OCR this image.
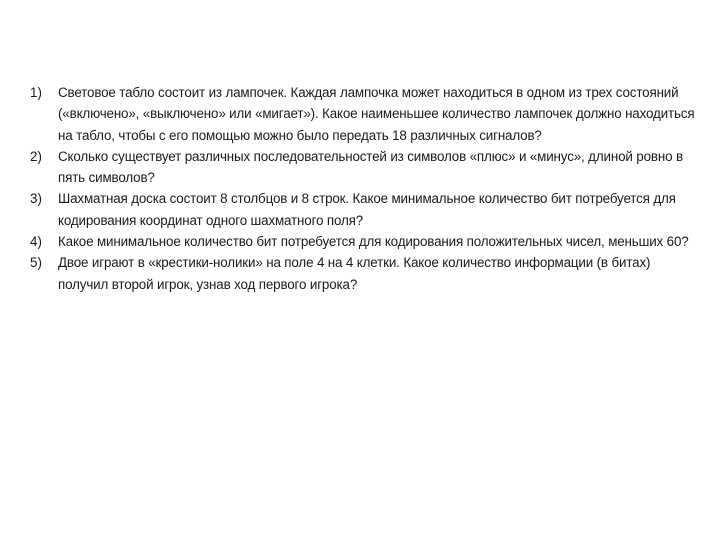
1)	Световое табло состоит из лампочек. Каждая лампочка может находиться в одном из трех состояний («включено», «выключено» или «мигает»). Какое наименьшее количество лампочек должно находиться на табло, чтобы с его помощью можно было передать 18 различных сигналов?
2)	Сколько существует различных последовательностей из символов «плюс» и «минус», длиной ровно в пять символов?
3)	Шахматная доска состоит 8 столбцов и 8 строк. Какое минимальное количество бит потребуется для кодирования координат одного шахматного поля?
4)	Какое минимальное количество бит потребуется для кодирования положительных чисел, меньших 60?
5)	Двое играют в «крестики-нолики» на поле 4 на 4 клетки. Какое количество информации (в битах) получил второй игрок, узнав ход первого игрока?
